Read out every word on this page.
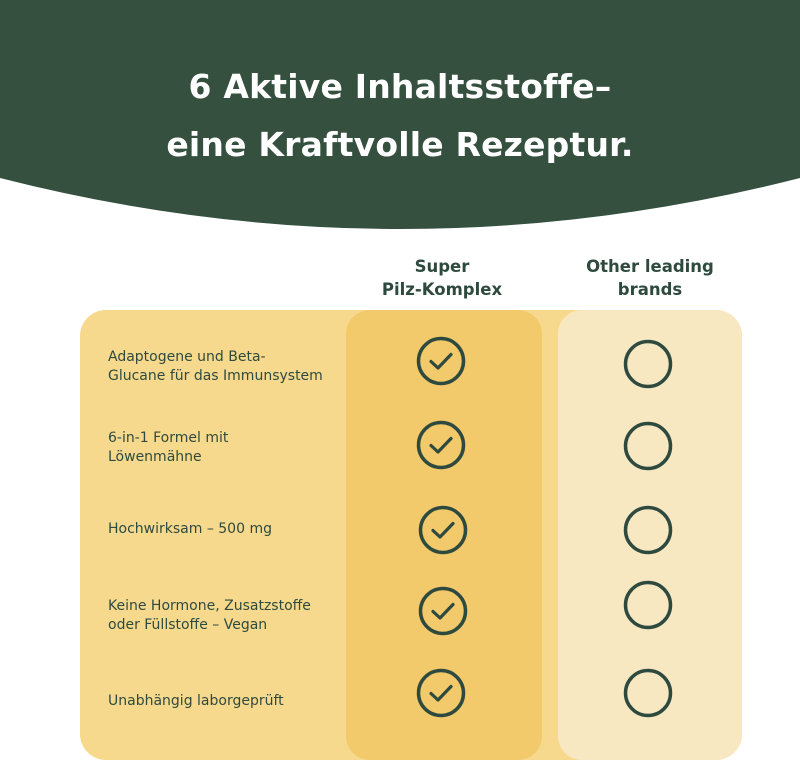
6 Aktive Inhaltsstoffe–
eine Kraftvolle Rezeptur.
Super
Pilz-Komplex
Other leading
brands
Adaptogene und Beta-
Glucane für das Immunsystem
6-in-1 Formel mit
Löwenmähne
Hochwirksam – 500 mg
Keine Hormone, Zusatzstoffe
oder Füllstoffe – Vegan
Unabhängig laborgeprüft
